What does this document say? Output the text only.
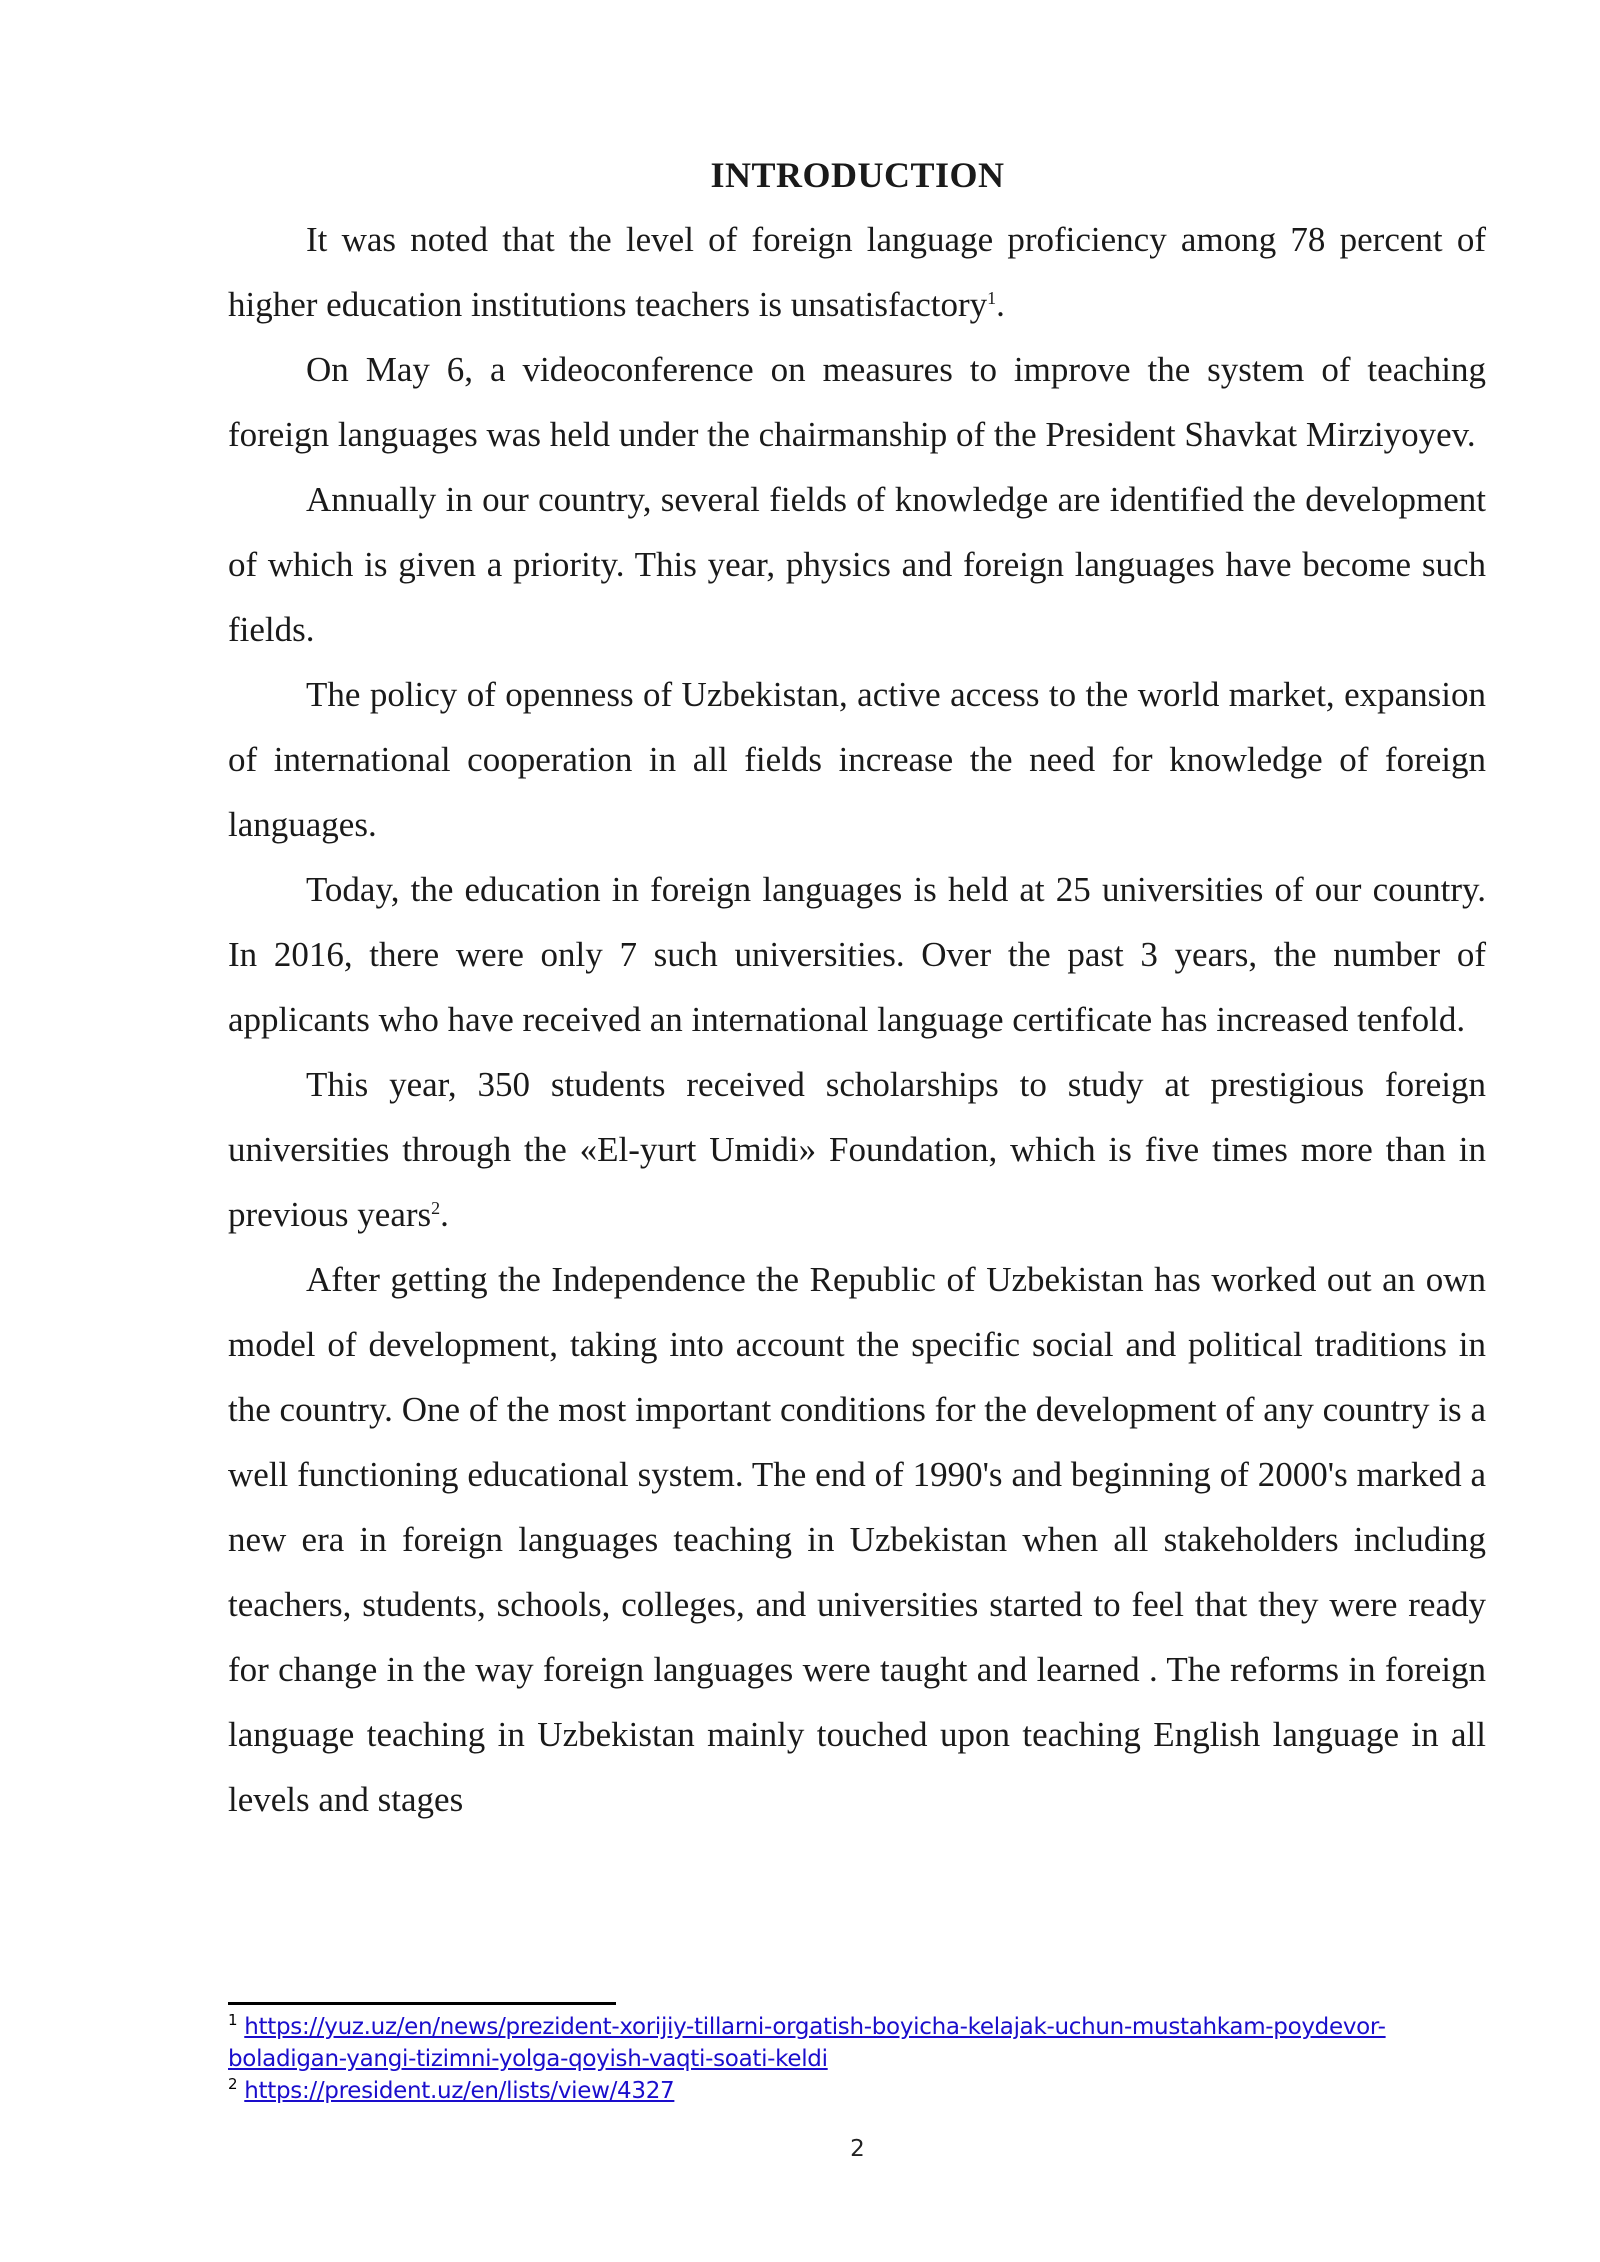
INTRODUCTION

It was noted that the level of foreign language proficiency among 78 percent of higher education institutions teachers is unsatisfactory$^1$.

On May 6, a videoconference on measures to improve the system of teaching foreign languages was held under the chairmanship of the President Shavkat Mirziyoyev.

Annually in our country, several fields of knowledge are identified the development of which is given a priority. This year, physics and foreign languages have become such fields.

The policy of openness of Uzbekistan, active access to the world market, expansion of international cooperation in all fields increase the need for knowledge of foreign languages.

Today, the education in foreign languages is held at 25 universities of our country. In 2016, there were only 7 such universities. Over the past 3 years, the number of applicants who have received an international language certificate has increased tenfold.

This year, 350 students received scholarships to study at prestigious foreign universities through the «El-yurt Umidi» Foundation, which is five times more than in previous years$^2$.

After getting the Independence the Republic of Uzbekistan has worked out an own model of development, taking into account the specific social and political traditions in the country. One of the most important conditions for the development of any country is a well functioning educational system. The end of 1990's and beginning of 2000's marked a new era in foreign languages teaching in Uzbekistan when all stakeholders including teachers, students, schools, colleges, and universities started to feel that they were ready for change in the way foreign languages were taught and learned . The reforms in foreign language teaching in Uzbekistan mainly touched upon teaching English language in all levels and stages

$^1$ https://yuz.uz/en/news/prezident-xorijiy-tillarni-orgatish-boyicha-kelajak-uchun-mustahkam-poydevor-boladigan-yangi-tizimni-yolga-qoyish-vaqti-soati-keldi

$^2$ https://president.uz/en/lists/view/4327

2
